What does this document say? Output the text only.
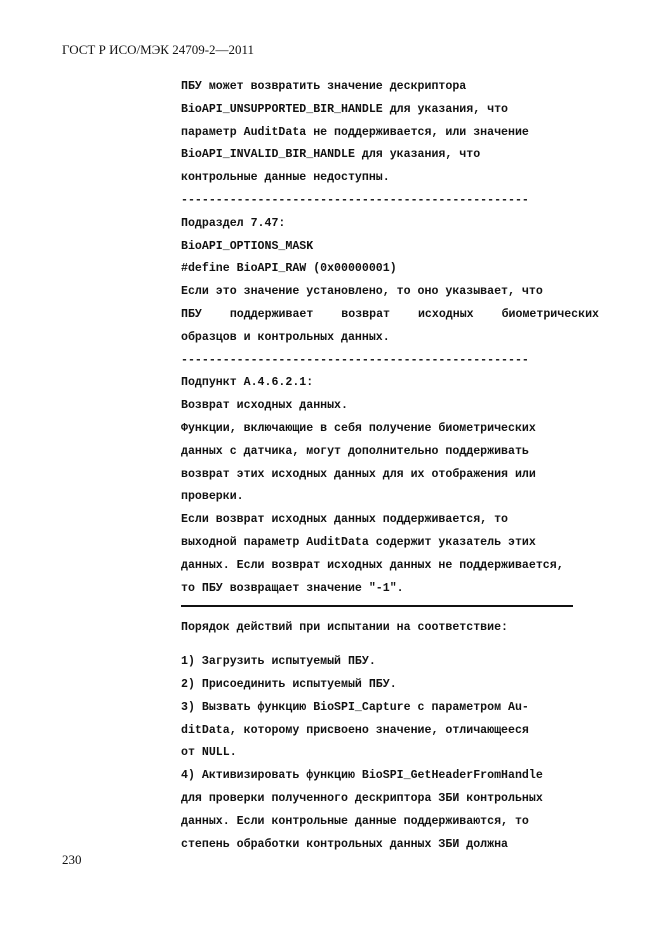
ГОСТ Р ИСО/МЭК 24709-2—2011
ПБУ может возвратить значение дескриптора
BioAPI_UNSUPPORTED_BIR_HANDLE для указания, что
параметр AuditData не поддерживается, или значение
BioAPI_INVALID_BIR_HANDLE для указания, что
контрольные данные недоступны.
--------------------------------------------------
Подраздел 7.47:
BioAPI_OPTIONS_MASK
#define BioAPI_RAW (0x00000001)
Если это значение установлено, то оно указывает, что
ПБУ поддерживает возврат исходных биометрических
образцов и контрольных данных.
--------------------------------------------------
Подпункт А.4.6.2.1:
Возврат исходных данных.
Функции, включающие в себя получение биометрических
данных с датчика, могут дополнительно поддерживать
возврат этих исходных данных для их отображения или
проверки.
Если возврат исходных данных поддерживается, то
выходной параметр AuditData содержит указатель этих
данных. Если возврат исходных данных не поддерживается,
то ПБУ возвращает значение "-1".
Порядок действий при испытании на соответствие:
1) Загрузить испытуемый ПБУ.
2) Присоединить испытуемый ПБУ.
3) Вызвать функцию BioSPI_Capture с параметром Au-
ditData, которому присвоено значение, отличающееся
от NULL.
4) Активизировать функцию BioSPI_GetHeaderFromHandle
для проверки полученного дескриптора ЗБИ контрольных
данных. Если контрольные данные поддерживаются, то
степень обработки контрольных данных ЗБИ должна
230
